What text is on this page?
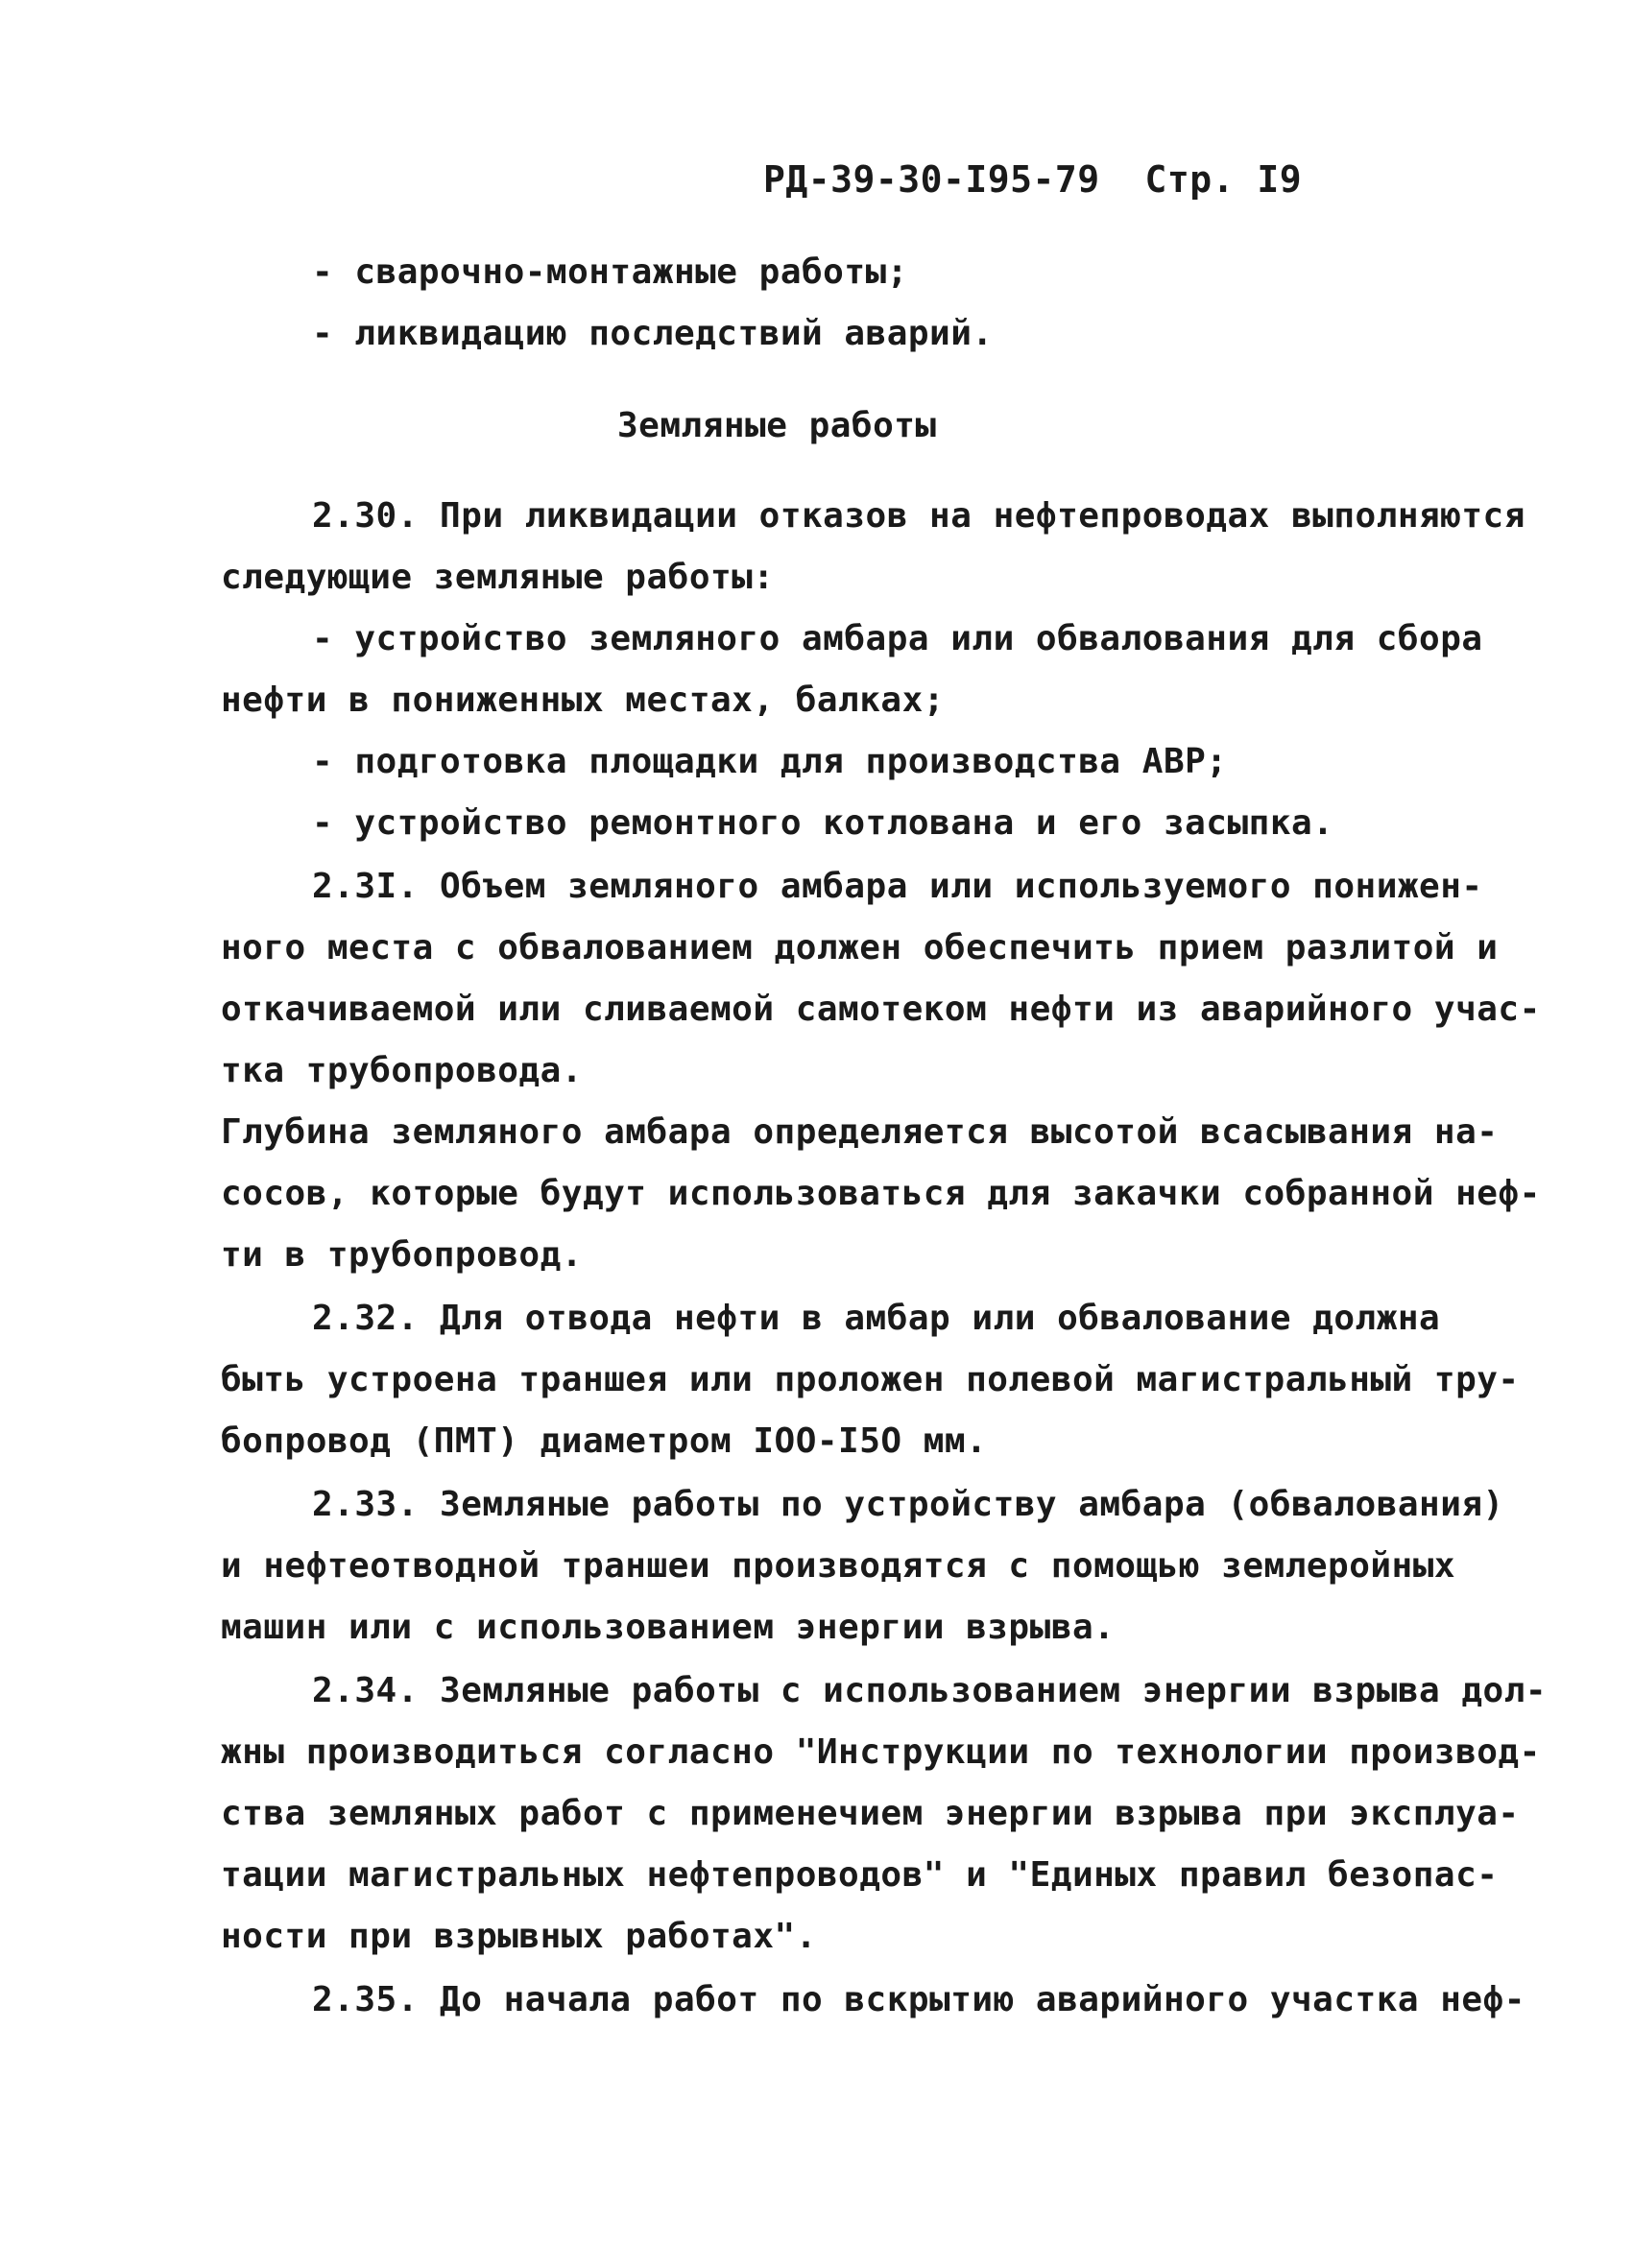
РД-39-30-І95-79 Стр. І9
- сварочно-монтажные работы;
- ликвидацию последствий аварий.
Земляные работы
2.30. При ликвидации отказов на нефтепроводах выполняются
следующие земляные работы:
- устройство земляного амбара или обвалования для сбора
нефти в пониженных местах, балках;
- подготовка площадки для производства АВР;
- устройство ремонтного котлована и его засыпка.
2.3І. Объем земляного амбара или используемого понижен-
ного места с обвалованием должен обеспечить прием разлитой и
откачиваемой или сливаемой самотеком нефти из аварийного учас-
тка трубопровода.
Глубина земляного амбара определяется высотой всасывания на-
сосов, которые будут использоваться для закачки собранной неф-
ти в трубопровод.
2.32. Для отвода нефти в амбар или обвалование должна
быть устроена траншея или проложен полевой магистральный тру-
бопровод (ПМТ) диаметром ІОО-І5О мм.
2.33. Земляные работы по устройству амбара (обвалования)
и нефтеотводной траншеи производятся с помощью землеройных
машин или с использованием энергии взрыва.
2.34. Земляные работы с использованием энергии взрыва дол-
жны производиться согласно "Инструкции по технологии производ-
ства земляных работ с применечием энергии взрыва при эксплуа-
тации магистральных нефтепроводов" и "Единых правил безопас-
ности при взрывных работах".
2.35. До начала работ по вскрытию аварийного участка неф-
